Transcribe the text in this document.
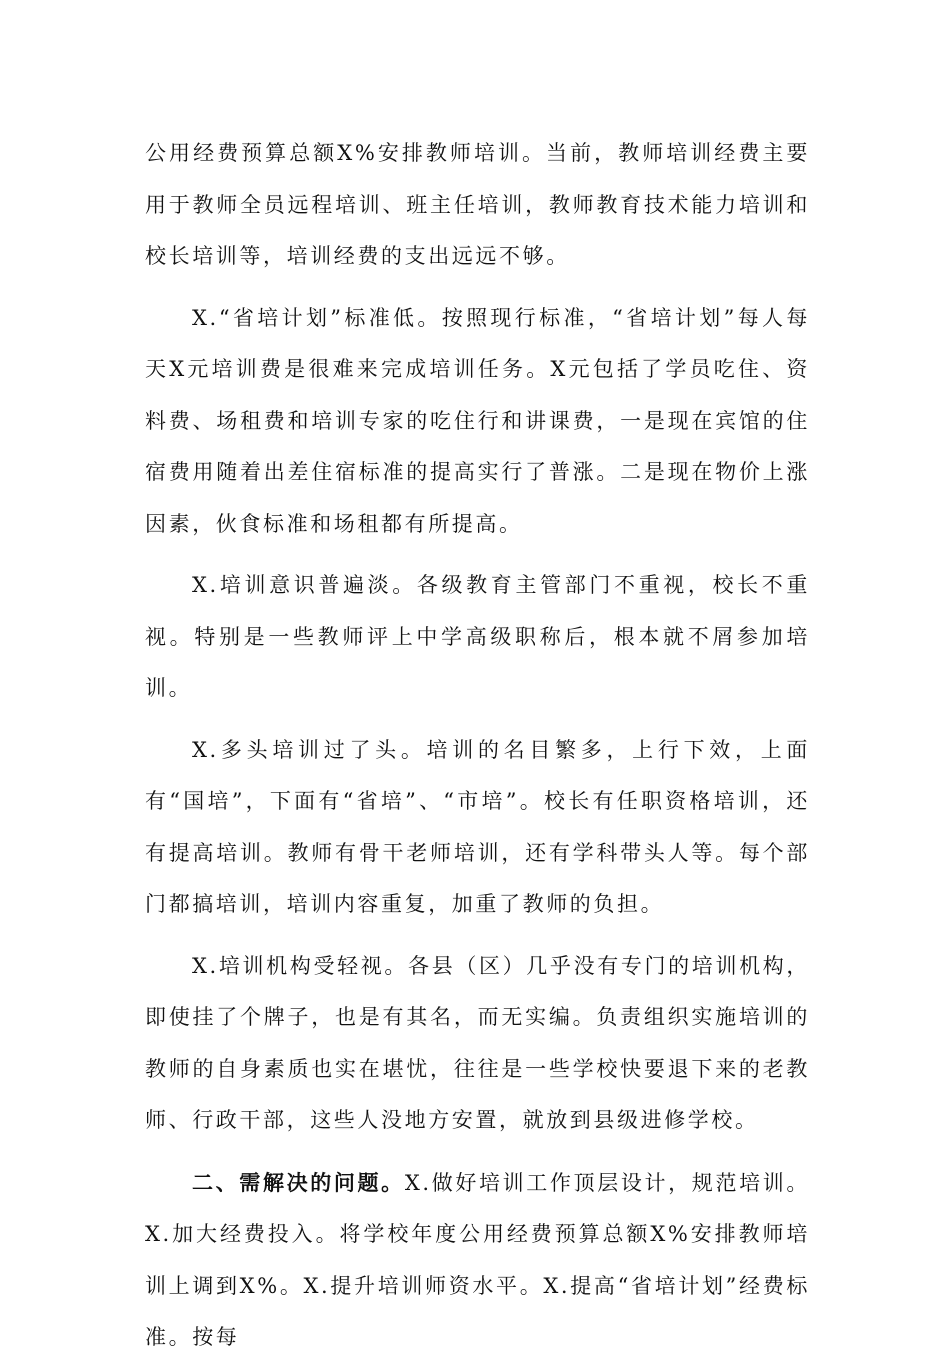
公用经费预算总额X%安排教师培训。当前，教师培训经费主要用于教师全员远程培训、班主任培训，教师教育技术能力培训和校长培训等，培训经费的支出远远不够。

X.“省培计划”标准低。按照现行标准，“省培计划”每人每天X元培训费是很难来完成培训任务。X元包括了学员吃住、资料费、场租费和培训专家的吃住行和讲课费，一是现在宾馆的住宿费用随着出差住宿标准的提高实行了普涨。二是现在物价上涨因素，伙食标准和场租都有所提高。

X.培训意识普遍淡。各级教育主管部门不重视，校长不重视。特别是一些教师评上中学高级职称后，根本就不屑参加培训。

X.多头培训过了头。培训的名目繁多，上行下效，上面有“国培”，下面有“省培”、“市培”。校长有任职资格培训，还有提高培训。教师有骨干老师培训，还有学科带头人等。每个部门都搞培训，培训内容重复，加重了教师的负担。

X.培训机构受轻视。各县（区）几乎没有专门的培训机构，即使挂了个牌子，也是有其名，而无实编。负责组织实施培训的教师的自身素质也实在堪忧，往往是一些学校快要退下来的老教师、行政干部，这些人没地方安置，就放到县级进修学校。

二、需解决的问题。X.做好培训工作顶层设计，规范培训。X.加大经费投入。将学校年度公用经费预算总额X%安排教师培训上调到X%。X.提升培训师资水平。X.提高“省培计划”经费标准。按每
